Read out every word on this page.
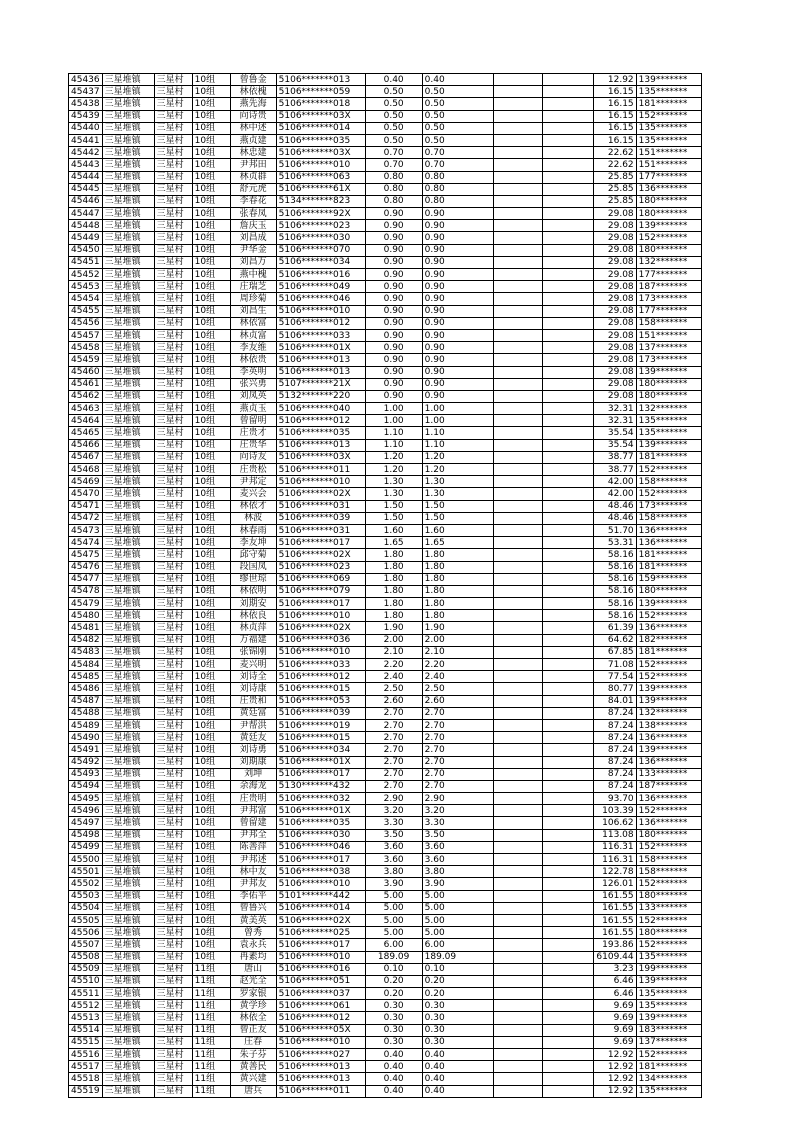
45436	三星堆镇	三星村	10组	曾鲁金	5106*******013	0.40	0.40			12.92	139*******
45437	三星堆镇	三星村	10组	林依槐	5106*******059	0.50	0.50			16.15	135*******
45438	三星堆镇	三星村	10组	燕先海	5106*******018	0.50	0.50			16.15	181*******
45439	三星堆镇	三星村	10组	向诗贵	5106*******03X	0.50	0.50			16.15	152*******
45440	三星堆镇	三星村	10组	林中述	5106*******014	0.50	0.50			16.15	135*******
45441	三星堆镇	三星村	10组	燕贞建	5106*******035	0.50	0.50			16.15	135*******
45442	三星堆镇	三星村	10组	林忠建	5106*******03X	0.70	0.70			22.62	151*******
45443	三星堆镇	三星村	10组	尹邦田	5106*******010	0.70	0.70			22.62	151*******
45444	三星堆镇	三星村	10组	林贞群	5106*******063	0.80	0.80			25.85	177*******
45445	三星堆镇	三星村	10组	舒元虎	5106*******61X	0.80	0.80			25.85	136*******
45446	三星堆镇	三星村	10组	李春花	5134*******823	0.80	0.80			25.85	180*******
45447	三星堆镇	三星村	10组	张春凤	5106*******92X	0.90	0.90			29.08	180*******
45448	三星堆镇	三星村	10组	詹庆玉	5106*******023	0.90	0.90			29.08	139*******
45449	三星堆镇	三星村	10组	刘昌成	5106*******030	0.90	0.90			29.08	152*******
45450	三星堆镇	三星村	10组	尹华金	5106*******070	0.90	0.90			29.08	180*******
45451	三星堆镇	三星村	10组	刘昌万	5106*******034	0.90	0.90			29.08	132*******
45452	三星堆镇	三星村	10组	燕中槐	5106*******016	0.90	0.90			29.08	177*******
45453	三星堆镇	三星村	10组	庄瑞芝	5106*******049	0.90	0.90			29.08	187*******
45454	三星堆镇	三星村	10组	周珍菊	5106*******046	0.90	0.90			29.08	173*******
45455	三星堆镇	三星村	10组	刘昌生	5106*******010	0.90	0.90			29.08	177*******
45456	三星堆镇	三星村	10组	林依富	5106*******012	0.90	0.90			29.08	158*******
45457	三星堆镇	三星村	10组	林贞富	5106*******033	0.90	0.90			29.08	151*******
45458	三星堆镇	三星村	10组	李友维	5106*******01X	0.90	0.90			29.08	137*******
45459	三星堆镇	三星村	10组	林依贵	5106*******013	0.90	0.90			29.08	173*******
45460	三星堆镇	三星村	10组	李英明	5106*******013	0.90	0.90			29.08	139*******
45461	三星堆镇	三星村	10组	张兴勇	5107*******21X	0.90	0.90			29.08	180*******
45462	三星堆镇	三星村	10组	刘凤英	5132*******220	0.90	0.90			29.08	180*******
45463	三星堆镇	三星村	10组	燕贞玉	5106*******040	1.00	1.00			32.31	132*******
45464	三星堆镇	三星村	10组	曾留明	5106*******012	1.00	1.00			32.31	135*******
45465	三星堆镇	三星村	10组	庄贵才	5106*******035	1.10	1.10			35.54	135*******
45466	三星堆镇	三星村	10组	庄贵华	5106*******013	1.10	1.10			35.54	139*******
45467	三星堆镇	三星村	10组	向诗友	5106*******03X	1.20	1.20			38.77	181*******
45468	三星堆镇	三星村	10组	庄贵松	5106*******011	1.20	1.20			38.77	152*******
45469	三星堆镇	三星村	10组	尹邦定	5106*******010	1.30	1.30			42.00	158*******
45470	三星堆镇	三星村	10组	麦兴会	5106*******02X	1.30	1.30			42.00	152*******
45471	三星堆镇	三星村	10组	林依才	5106*******031	1.50	1.50			48.46	173*******
45472	三星堆镇	三星村	10组	林波	5106*******039	1.50	1.50			48.46	158*******
45473	三星堆镇	三星村	10组	林春雨	5106*******031	1.60	1.60			51.70	136*******
45474	三星堆镇	三星村	10组	李友坤	5106*******017	1.65	1.65			53.31	136*******
45475	三星堆镇	三星村	10组	邱守菊	5106*******02X	1.80	1.80			58.16	181*******
45476	三星堆镇	三星村	10组	段国凤	5106*******023	1.80	1.80			58.16	181*******
45477	三星堆镇	三星村	10组	缪世琼	5106*******069	1.80	1.80			58.16	159*******
45478	三星堆镇	三星村	10组	林依明	5106*******079	1.80	1.80			58.16	180*******
45479	三星堆镇	三星村	10组	刘期安	5106*******017	1.80	1.80			58.16	139*******
45480	三星堆镇	三星村	10组	林依良	5106*******010	1.80	1.80			58.16	152*******
45481	三星堆镇	三星村	10组	林贞萍	5106*******02X	1.90	1.90			61.39	136*******
45482	三星堆镇	三星村	10组	万福建	5106*******036	2.00	2.00			64.62	182*******
45483	三星堆镇	三星村	10组	张锦刚	5106*******010	2.10	2.10			67.85	181*******
45484	三星堆镇	三星村	10组	麦兴明	5106*******033	2.20	2.20			71.08	152*******
45485	三星堆镇	三星村	10组	刘诗全	5106*******012	2.40	2.40			77.54	152*******
45486	三星堆镇	三星村	10组	刘诗康	5106*******015	2.50	2.50			80.77	139*******
45487	三星堆镇	三星村	10组	庄贵和	5106*******053	2.60	2.60			84.01	139*******
45488	三星堆镇	三星村	10组	黄廷富	5106*******039	2.70	2.70			87.24	132*******
45489	三星堆镇	三星村	10组	尹帮洪	5106*******019	2.70	2.70			87.24	138*******
45490	三星堆镇	三星村	10组	黄廷友	5106*******015	2.70	2.70			87.24	136*******
45491	三星堆镇	三星村	10组	刘诗勇	5106*******034	2.70	2.70			87.24	139*******
45492	三星堆镇	三星村	10组	刘期康	5106*******01X	2.70	2.70			87.24	136*******
45493	三星堆镇	三星村	10组	刘坤	5106*******017	2.70	2.70			87.24	133*******
45494	三星堆镇	三星村	10组	余海龙	5130*******432	2.70	2.70			87.24	187*******
45495	三星堆镇	三星村	10组	庄贵明	5106*******032	2.90	2.90			93.70	136*******
45496	三星堆镇	三星村	10组	尹邦富	5106*******01X	3.20	3.20			103.39	152*******
45497	三星堆镇	三星村	10组	曾留建	5106*******035	3.30	3.30			106.62	136*******
45498	三星堆镇	三星村	10组	尹邦全	5106*******030	3.50	3.50			113.08	180*******
45499	三星堆镇	三星村	10组	陈善萍	5106*******046	3.60	3.60			116.31	152*******
45500	三星堆镇	三星村	10组	尹邦述	5106*******017	3.60	3.60			116.31	158*******
45501	三星堆镇	三星村	10组	林中友	5106*******038	3.80	3.80			122.78	158*******
45502	三星堆镇	三星村	10组	尹邦友	5106*******010	3.90	3.90			126.01	152*******
45503	三星堆镇	三星村	10组	李佑平	5101*******442	5.00	5.00			161.55	180*******
45504	三星堆镇	三星村	10组	曾鲁兴	5106*******014	5.00	5.00			161.55	133*******
45505	三星堆镇	三星村	10组	黄美英	5106*******02X	5.00	5.00			161.55	152*******
45506	三星堆镇	三星村	10组	曾秀	5106*******025	5.00	5.00			161.55	180*******
45507	三星堆镇	三星村	10组	袁永兵	5106*******017	6.00	6.00			193.86	152*******
45508	三星堆镇	三星村	10组	冉素均	5106*******010	189.09	189.09			6109.44	135*******
45509	三星堆镇	三星村	11组	唐山	5106*******016	0.10	0.10			3.23	199*******
45510	三星堆镇	三星村	11组	赵光全	5106*******051	0.20	0.20			6.46	139*******
45511	三星堆镇	三星村	11组	罗家银	5106*******037	0.20	0.20			6.46	135*******
45512	三星堆镇	三星村	11组	黄学珍	5106*******061	0.30	0.30			9.69	135*******
45513	三星堆镇	三星村	11组	林依全	5106*******012	0.30	0.30			9.69	139*******
45514	三星堆镇	三星村	11组	曾正友	5106*******05X	0.30	0.30			9.69	183*******
45515	三星堆镇	三星村	11组	庄春	5106*******010	0.30	0.30			9.69	137*******
45516	三星堆镇	三星村	11组	朱子芬	5106*******027	0.40	0.40			12.92	152*******
45517	三星堆镇	三星村	11组	黄善民	5106*******013	0.40	0.40			12.92	181*******
45518	三星堆镇	三星村	11组	黄兴建	5106*******013	0.40	0.40			12.92	134*******
45519	三星堆镇	三星村	11组	唐兵	5106*******011	0.40	0.40			12.92	135*******
